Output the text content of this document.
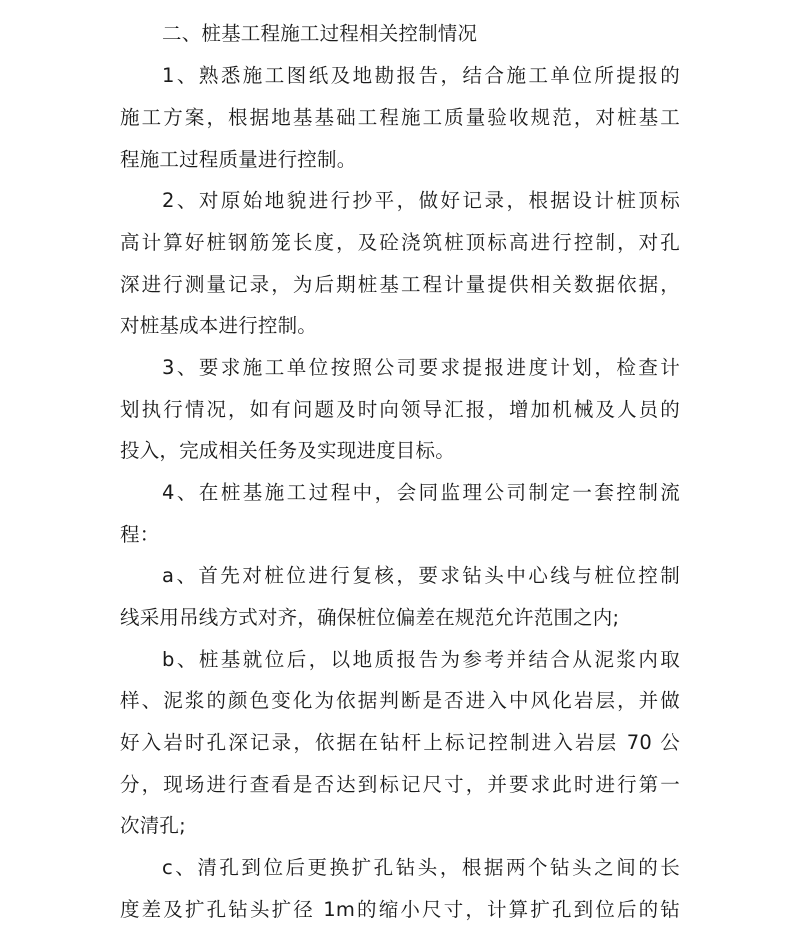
二、桩基工程施工过程相关控制情况
1、熟悉施工图纸及地勘报告，结合施工单位所提报的
施工方案，根据地基基础工程施工质量验收规范，对桩基工
程施工过程质量进行控制。
2、对原始地貌进行抄平，做好记录，根据设计桩顶标
高计算好桩钢筋笼长度，及砼浇筑桩顶标高进行控制，对孔
深进行测量记录，为后期桩基工程计量提供相关数据依据，
对桩基成本进行控制。
3、要求施工单位按照公司要求提报进度计划，检查计
划执行情况，如有问题及时向领导汇报，增加机械及人员的
投入，完成相关任务及实现进度目标。
4、在桩基施工过程中，会同监理公司制定一套控制流
程：
a、首先对桩位进行复核，要求钻头中心线与桩位控制
线采用吊线方式对齐，确保桩位偏差在规范允许范围之内;
b、桩基就位后，以地质报告为参考并结合从泥浆内取
样、泥浆的颜色变化为依据判断是否进入中风化岩层，并做
好入岩时孔深记录，依据在钻杆上标记控制进入岩层 70 公
分，现场进行查看是否达到标记尺寸，并要求此时进行第一
次清孔;
c、清孔到位后更换扩孔钻头，根据两个钻头之间的长
度差及扩孔钻头扩径 1m的缩小尺寸，计算扩孔到位后的钻
